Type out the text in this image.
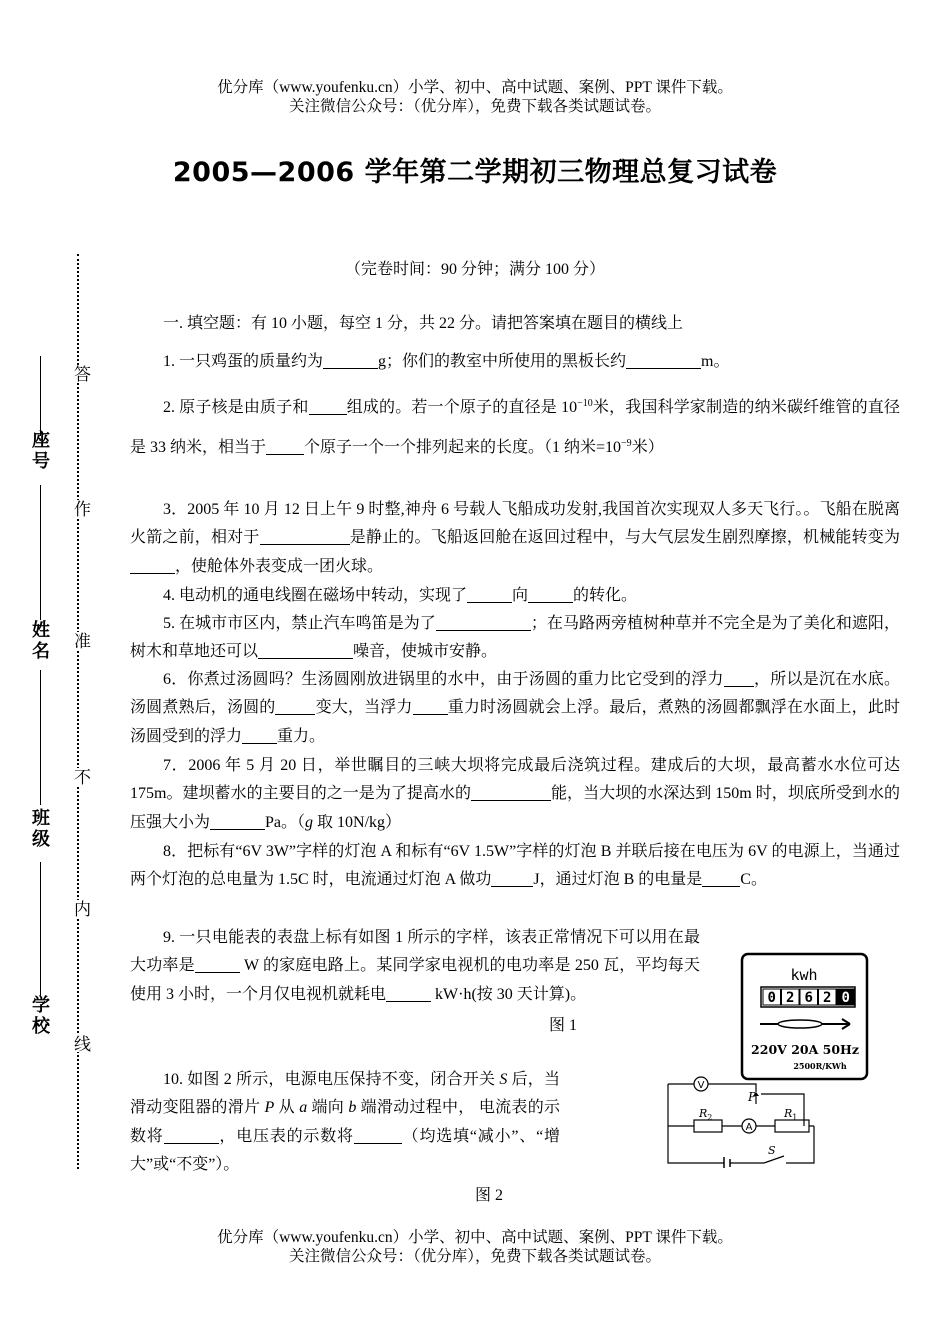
优分库（www.youfenku.cn）小学、初中、高中试题、案例、PPT 课件下载。
关注微信公众号：（优分库），免费下载各类试题试卷。
2005—2006 学年第二学期初三物理总复习试卷
（完卷时间：90 分钟；满分 100 分）
座号
姓名
班级
学校
答
作
准
不
内
线

一. 填空题：有 10 小题，每空 1 分，共 22 分。请把答案填在题目的横线上

1. 一只鸡蛋的质量约为	g；你们的教室中所使用的黑板长约	m。

2. 原子核是由质子和 组成的。若一个原子的直径是 $10^{-10}$米，我国科学家制造的纳米碳纤维管的直径是 33 纳米，相当于 个原子一个一个排列起来的长度。（1 纳米$=10^{-9}$米）

3．2005 年 10 月 12 日上午 9 时整,神舟 6 号载人飞船成功发射,我国首次实现双人多天飞行。。飞船在脱离火箭之前，相对于	是静止的。飞船返回舱在返回过程中，与大气层发生剧烈摩擦，机械能转变为，使舱体外表变成一团火球。

4. 电动机的通电线圈在磁场中转动，实现了	向	的转化。

5. 在城市市区内，禁止汽车鸣笛是为了	；在马路两旁植树种草并不完全是为了美化和遮阳，树木和草地还可以	噪音，使城市安静。

6．你煮过汤圆吗？生汤圆刚放进锅里的水中，由于汤圆的重力比它受到的浮力 ，所以是沉在水底。汤圆煮熟后，汤圆的	变大，当浮力 重力时汤圆就会上浮。最后，煮熟的汤圆都飘浮在水面上，此时汤圆受到的浮力 重力。

7．2006 年 5 月 20 日，举世瞩目的三峡大坝将完成最后浇筑过程。建成后的大坝，最高蓄水水位可达 175m。建坝蓄水的主要目的之一是为了提高水的	能，当大坝的水深达到 150m 时，坝底所受到水的压强大小为	Pa。（g 取 10N/kg）

8．把标有“6V 3W”字样的灯泡 A 和标有“6V 1.5W”字样的灯泡 B 并联后接在电压为 6V 的电源上，当通过两个灯泡的总电量为 1.5C 时，电流通过灯泡 A 做功	J，通过灯泡 B 的电量是 C。

9. 一只电能表的表盘上标有如图 1 所示的字样，该表正常情况下可以用在最大功率是	W 的家庭电路上。某同学家电视机的电功率是 250 瓦，平均每天使用 3 小时，一个月仅电视机就耗电	kW·h(按 30 天计算)。

图 1

10. 如图 2 所示，电源电压保持不变，闭合开关 S 后，当滑动变阻器的滑片 P 从 a 端向 b 端滑动过程中， 电流表的示数将	，电压表的示数将	（均选填“减小”、“增大”或“不变”）。

图 2
kwh
0 2 6 2 0
220V 20A 50Hz
2500R/KWh
V
A
P
$R_2$	$R_1$
S
优分库（www.youfenku.cn）小学、初中、高中试题、案例、PPT 课件下载。
关注微信公众号：（优分库），免费下载各类试题试卷。
